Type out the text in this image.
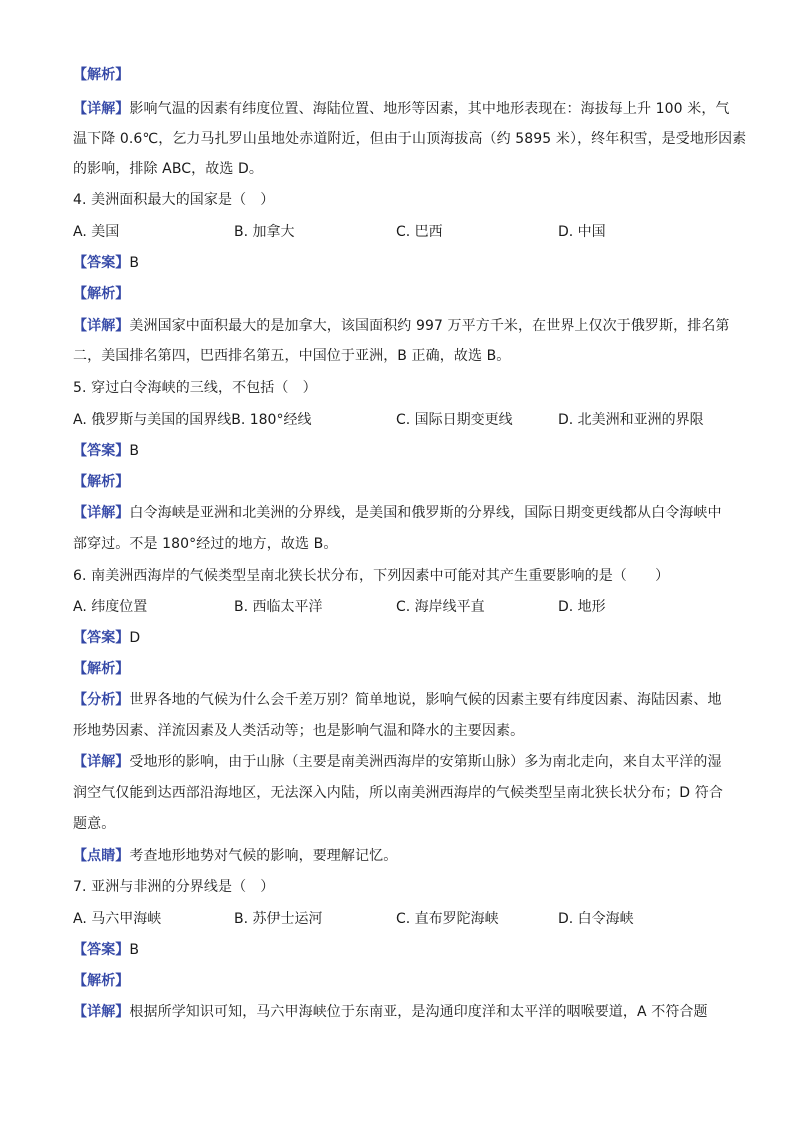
【解析】
【详解】影响气温的因素有纬度位置、海陆位置、地形等因素，其中地形表现在：海拔每上升 100 米，气
温下降 0.6℃，乞力马扎罗山虽地处赤道附近，但由于山顶海拔高（约 5895 米），终年积雪，是受地形因素
的影响，排除 ABC，故选 D。
4. 美洲面积最大的国家是（　）
A. 美国	B. 加拿大	C. 巴西	D. 中国
【答案】B
【解析】
【详解】美洲国家中面积最大的是加拿大，该国面积约 997 万平方千米，在世界上仅次于俄罗斯，排名第
二，美国排名第四，巴西排名第五，中国位于亚洲，B 正确，故选 B。
5. 穿过白令海峡的三线，不包括（　）
A. 俄罗斯与美国的国界线B. 180°经线	C. 国际日期变更线	D. 北美洲和亚洲的界限
【答案】B
【解析】
【详解】白令海峡是亚洲和北美洲的分界线，是美国和俄罗斯的分界线，国际日期变更线都从白令海峡中
部穿过。不是 180°经过的地方，故选 B。
6. 南美洲西海岸的气候类型呈南北狭长状分布，下列因素中可能对其产生重要影响的是（　　）
A. 纬度位置	B. 西临太平洋	C. 海岸线平直	D. 地形
【答案】D
【解析】
【分析】世界各地的气候为什么会千差万别？简单地说，影响气候的因素主要有纬度因素、海陆因素、地
形地势因素、洋流因素及人类活动等；也是影响气温和降水的主要因素。
【详解】受地形的影响，由于山脉（主要是南美洲西海岸的安第斯山脉）多为南北走向，来自太平洋的湿
润空气仅能到达西部沿海地区，无法深入内陆，所以南美洲西海岸的气候类型呈南北狭长状分布；D 符合
题意。
【点睛】考查地形地势对气候的影响，要理解记忆。
7. 亚洲与非洲的分界线是（　）
A. 马六甲海峡	B. 苏伊士运河	C. 直布罗陀海峡	D. 白令海峡
【答案】B
【解析】
【详解】根据所学知识可知，马六甲海峡位于东南亚，是沟通印度洋和太平洋的咽喉要道，A 不符合题
